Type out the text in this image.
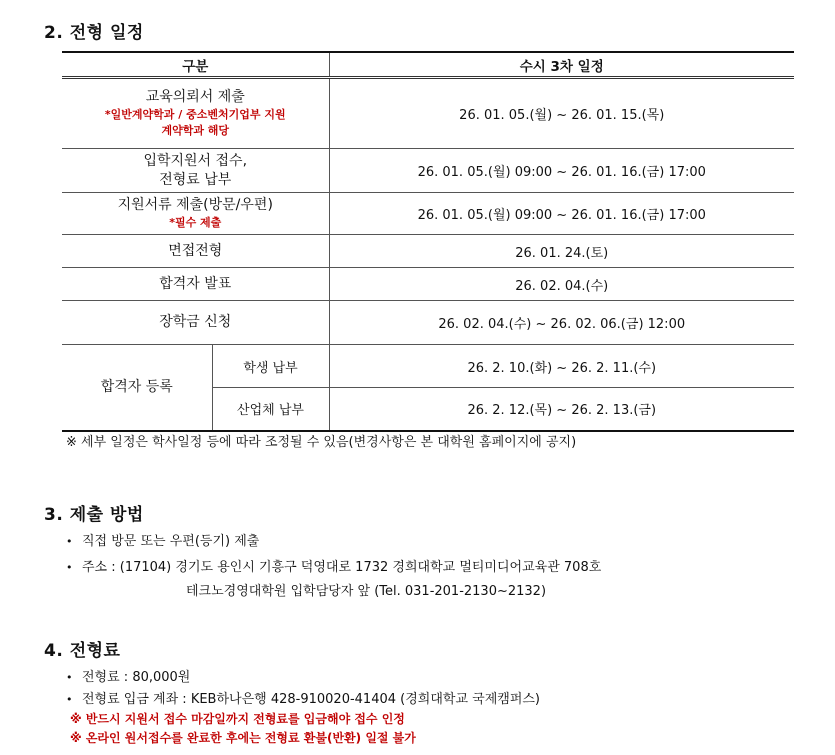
2. 전형 일정
구분		수시 3차 일정

교육의뢰서 제출
*일반계약학과 / 중소벤처기업부 지원
계약학과 해당		26. 01. 05.(월) ~ 26. 01. 15.(목)

입학지원서 접수,
전형료 납부		26. 01. 05.(월) 09:00 ~ 26. 01. 16.(금) 17:00

지원서류 제출(방문/우편)
*필수 제출		26. 01. 05.(월) 09:00 ~ 26. 01. 16.(금) 17:00
면접전형		26. 01. 24.(토)
합격자 발표		26. 02. 04.(수)
장학금 신청		26. 02. 04.(수) ~ 26. 02. 06.(금) 12:00
합격자 등록	학생 납부	26. 2. 10.(화) ~ 26. 2. 11.(수)
	산업체 납부	26. 2. 12.(목) ~ 26. 2. 13.(금)
※ 세부 일정은 학사일정 등에 따라 조정될 수 있음(변경사항은 본 대학원 홈페이지에 공지)
3. 제출 방법
• 직접 방문 또는 우편(등기) 제출
• 주소 : (17104) 경기도 용인시 기흥구 덕영대로 1732 경희대학교 멀티미디어교육관 708호
테크노경영대학원 입학담당자 앞 (Tel. 031-201-2130~2132)
4. 전형료
• 전형료 : 80,000원
• 전형료 입금 계좌 : KEB하나은행 428-910020-41404 (경희대학교 국제캠퍼스)
※ 반드시 지원서 접수 마감일까지 전형료를 입금해야 접수 인정
※ 온라인 원서접수를 완료한 후에는 전형료 환불(반환) 일절 불가
